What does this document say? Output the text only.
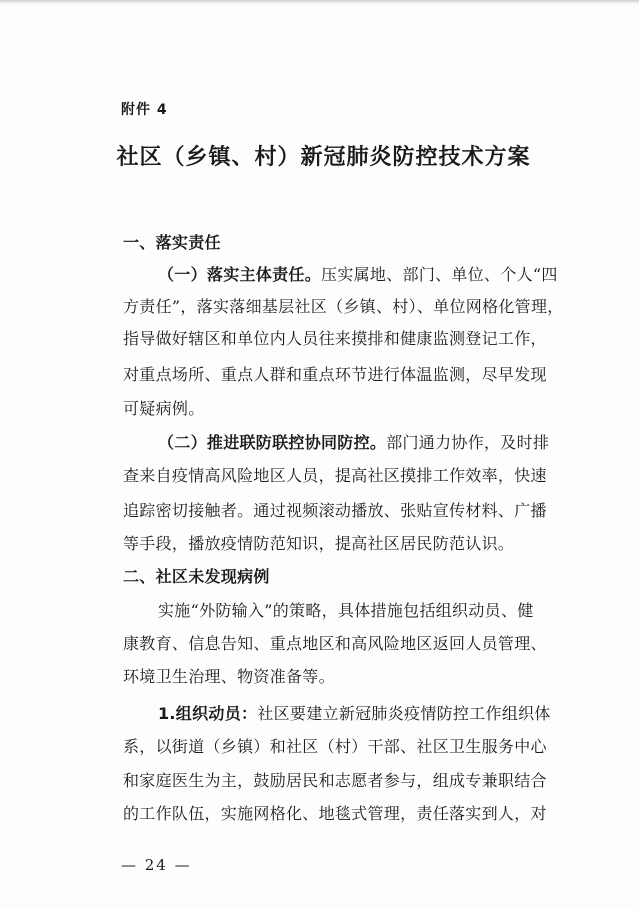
附件 4
社区（乡镇、村）新冠肺炎防控技术方案
一、落实责任
（一）落实主体责任。压实属地、部门、单位、个人“四
方责任”，落实落细基层社区（乡镇、村）、单位网格化管理，
指导做好辖区和单位内人员往来摸排和健康监测登记工作，
对重点场所、重点人群和重点环节进行体温监测，尽早发现
可疑病例。
（二）推进联防联控协同防控。部门通力协作，及时排
查来自疫情高风险地区人员，提高社区摸排工作效率，快速
追踪密切接触者。通过视频滚动播放、张贴宣传材料、广播
等手段，播放疫情防范知识，提高社区居民防范认识。
二、社区未发现病例
实施“外防输入”的策略，具体措施包括组织动员、健
康教育、信息告知、重点地区和高风险地区返回人员管理、
环境卫生治理、物资准备等。
1.组织动员：社区要建立新冠肺炎疫情防控工作组织体
系，以街道（乡镇）和社区（村）干部、社区卫生服务中心
和家庭医生为主，鼓励居民和志愿者参与，组成专兼职结合
的工作队伍，实施网格化、地毯式管理，责任落实到人，对
— 24 —
